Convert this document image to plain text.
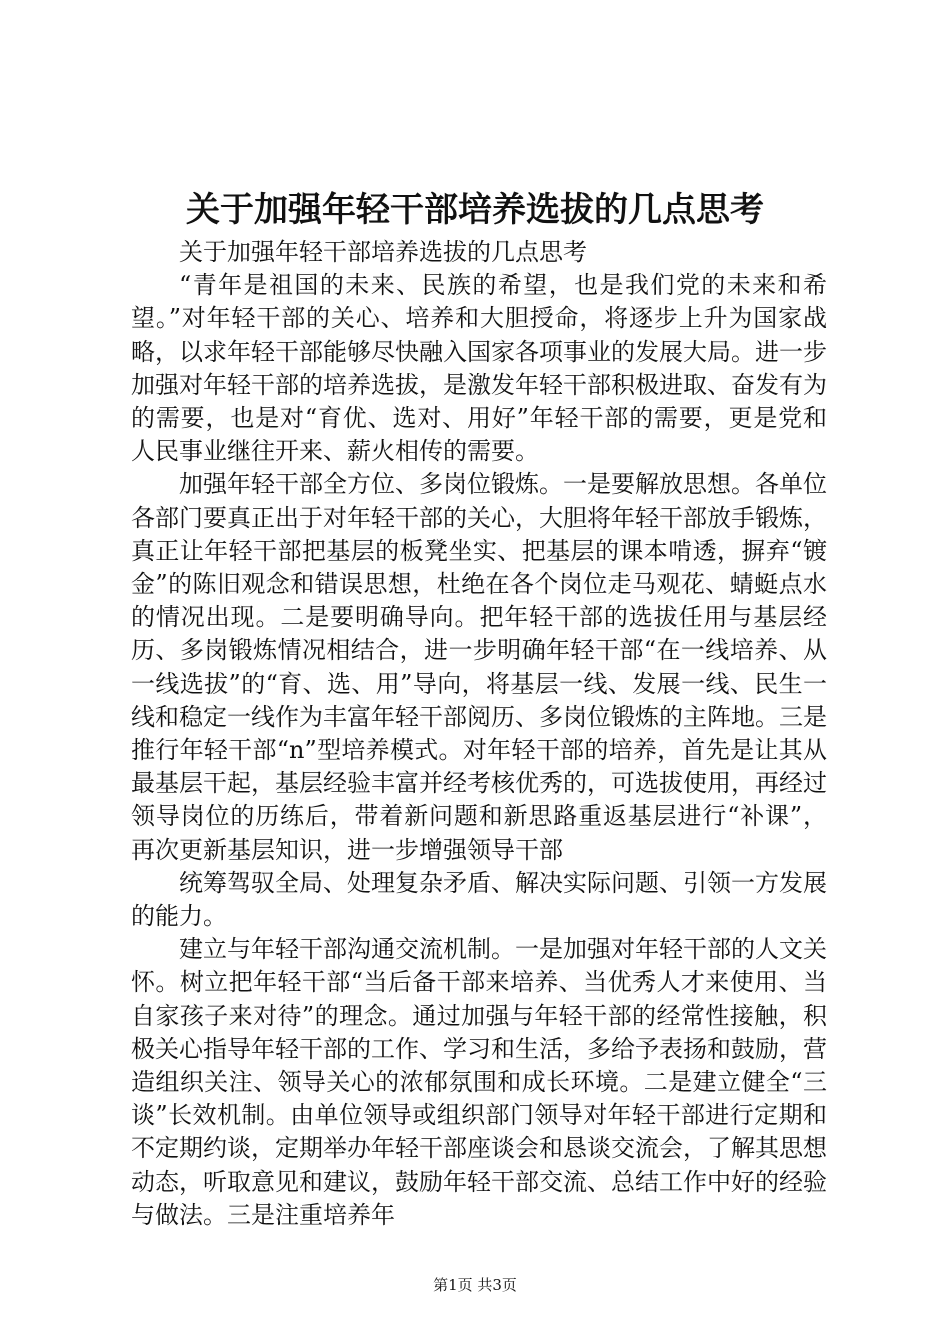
关于加强年轻干部培养选拔的几点思考

关于加强年轻干部培养选拔的几点思考

“青年是祖国的未来、民族的希望，也是我们党的未来和希望。”对年轻干部的关心、培养和大胆授命，将逐步上升为国家战略，以求年轻干部能够尽快融入国家各项事业的发展大局。进一步加强对年轻干部的培养选拔，是激发年轻干部积极进取、奋发有为的需要，也是对“育优、选对、用好”年轻干部的需要，更是党和人民事业继往开来、薪火相传的需要。

加强年轻干部全方位、多岗位锻炼。一是要解放思想。各单位各部门要真正出于对年轻干部的关心，大胆将年轻干部放手锻炼，真正让年轻干部把基层的板凳坐实、把基层的课本啃透，摒弃“镀金”的陈旧观念和错误思想，杜绝在各个岗位走马观花、蜻蜓点水的情况出现。二是要明确导向。把年轻干部的选拔任用与基层经历、多岗锻炼情况相结合，进一步明确年轻干部“在一线培养、从一线选拔”的“育、选、用”导向，将基层一线、发展一线、民生一线和稳定一线作为丰富年轻干部阅历、多岗位锻炼的主阵地。三是推行年轻干部“n”型培养模式。对年轻干部的培养，首先是让其从最基层干起，基层经验丰富并经考核优秀的，可选拔使用，再经过领导岗位的历练后，带着新问题和新思路重返基层进行“补课”，再次更新基层知识，进一步增强领导干部

统筹驾驭全局、处理复杂矛盾、解决实际问题、引领一方发展的能力。

建立与年轻干部沟通交流机制。一是加强对年轻干部的人文关怀。树立把年轻干部“当后备干部来培养、当优秀人才来使用、当自家孩子来对待”的理念。通过加强与年轻干部的经常性接触，积极关心指导年轻干部的工作、学习和生活，多给予表扬和鼓励，营造组织关注、领导关心的浓郁氛围和成长环境。二是建立健全“三谈”长效机制。由单位领导或组织部门领导对年轻干部进行定期和不定期约谈，定期举办年轻干部座谈会和恳谈交流会，了解其思想动态，听取意见和建议，鼓励年轻干部交流、总结工作中好的经验与做法。三是注重培养年

第1页 共3页
